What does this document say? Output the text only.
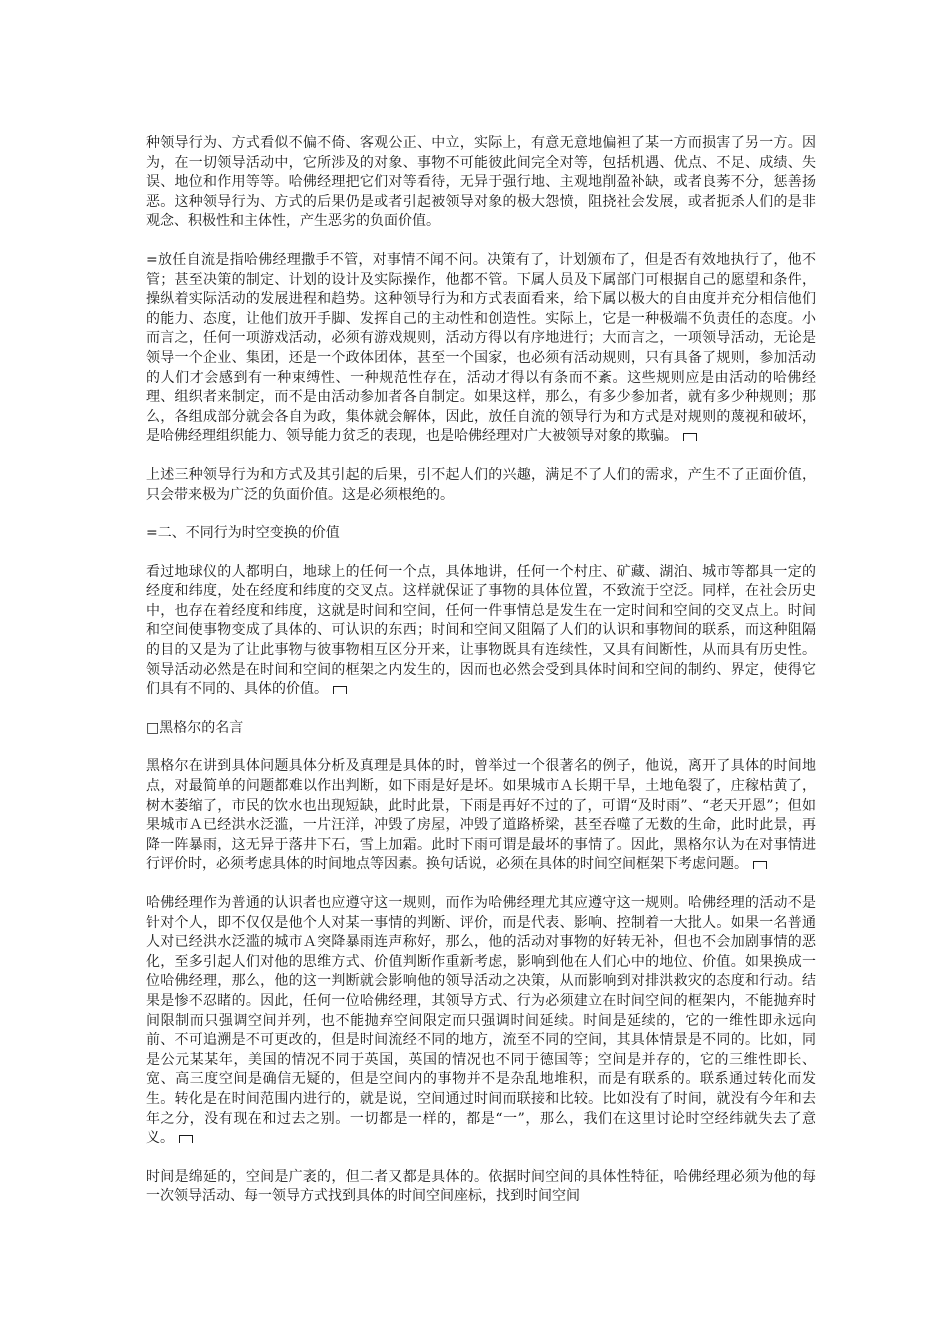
种领导行为、方式看似不偏不倚、客观公正、中立，实际上，有意无意地偏袒了某一方而损害了另一方。因为，在一切领导活动中，它所涉及的对象、事物不可能彼此间完全对等，包括机遇、优点、不足、成绩、失误、地位和作用等等。哈佛经理把它们对等看待，无异于强行地、主观地削盈补缺，或者良莠不分，惩善扬恶。这种领导行为、方式的后果仍是或者引起被领导对象的极大怨愤，阻挠社会发展，或者扼杀人们的是非观念、积极性和主体性，产生恶劣的负面价值。

=放任自流是指哈佛经理撒手不管，对事情不闻不问。决策有了，计划颁布了，但是否有效地执行了，他不管；甚至决策的制定、计划的设计及实际操作，他都不管。下属人员及下属部门可根据自己的愿望和条件，操纵着实际活动的发展进程和趋势。这种领导行为和方式表面看来，给下属以极大的自由度并充分相信他们的能力、态度，让他们放开手脚、发挥自己的主动性和创造性。实际上，它是一种极端不负责任的态度。小而言之，任何一项游戏活动，必须有游戏规则，活动方得以有序地进行；大而言之，一项领导活动，无论是领导一个企业、集团，还是一个政体团体，甚至一个国家，也必须有活动规则，只有具备了规则，参加活动的人们才会感到有一种束缚性、一种规范性存在，活动才得以有条而不紊。这些规则应是由活动的哈佛经理、组织者来制定，而不是由活动参加者各自制定。如果这样，那么，有多少参加者，就有多少种规则；那么，各组成部分就会各自为政，集体就会解体，因此，放任自流的领导行为和方式是对规则的蔑视和破坏，是哈佛经理组织能力、领导能力贫乏的表现，也是哈佛经理对广大被领导对象的欺骗。

上述三种领导行为和方式及其引起的后果，引不起人们的兴趣，满足不了人们的需求，产生不了正面价值，只会带来极为广泛的负面价值。这是必须根绝的。

=二、不同行为时空变换的价值

看过地球仪的人都明白，地球上的任何一个点，具体地讲，任何一个村庄、矿藏、湖泊、城市等都具一定的经度和纬度，处在经度和纬度的交叉点。这样就保证了事物的具体位置，不致流于空泛。同样，在社会历史中，也存在着经度和纬度，这就是时间和空间，任何一件事情总是发生在一定时间和空间的交叉点上。时间和空间使事物变成了具体的、可认识的东西；时间和空间又阻隔了人们的认识和事物间的联系，而这种阻隔的目的又是为了让此事物与彼事物相互区分开来，让事物既具有连续性，又具有间断性，从而具有历史性。领导活动必然是在时间和空间的框架之内发生的，因而也必然会受到具体时间和空间的制约、界定，使得它们具有不同的、具体的价值。

□黑格尔的名言

黑格尔在讲到具体问题具体分析及真理是具体的时，曾举过一个很著名的例子，他说，离开了具体的时间地点，对最简单的问题都难以作出判断，如下雨是好是坏。如果城市Ａ长期干旱，土地龟裂了，庄稼枯黄了，树木萎缩了，市民的饮水也出现短缺，此时此景，下雨是再好不过的了，可谓“及时雨”、“老天开恩”；但如果城市Ａ已经洪水泛滥，一片汪洋，冲毁了房屋，冲毁了道路桥梁，甚至吞噬了无数的生命，此时此景，再降一阵暴雨，这无异于落井下石，雪上加霜。此时下雨可谓是最坏的事情了。因此，黑格尔认为在对事情进行评价时，必须考虑具体的时间地点等因素。换句话说，必须在具体的时间空间框架下考虑问题。

哈佛经理作为普通的认识者也应遵守这一规则，而作为哈佛经理尤其应遵守这一规则。哈佛经理的活动不是针对个人，即不仅仅是他个人对某一事情的判断、评价，而是代表、影响、控制着一大批人。如果一名普通人对已经洪水泛滥的城市Ａ突降暴雨连声称好，那么，他的活动对事物的好转无补，但也不会加剧事情的恶化，至多引起人们对他的思维方式、价值判断作重新考虑，影响到他在人们心中的地位、价值。如果换成一位哈佛经理，那么，他的这一判断就会影响他的领导活动之决策，从而影响到对排洪救灾的态度和行动。结果是惨不忍睹的。因此，任何一位哈佛经理，其领导方式、行为必须建立在时间空间的框架内，不能抛弃时间限制而只强调空间并列，也不能抛弃空间限定而只强调时间延续。时间是延续的，它的一维性即永远向前、不可追溯是不可更改的，但是时间流经不同的地方，流至不同的空间，其具体情景是不同的。比如，同是公元某某年，美国的情况不同于英国，英国的情况也不同于德国等；空间是并存的，它的三维性即长、宽、高三度空间是确信无疑的，但是空间内的事物并不是杂乱地堆积，而是有联系的。联系通过转化而发生。转化是在时间范围内进行的，就是说，空间通过时间而联接和比较。比如没有了时间，就没有今年和去年之分，没有现在和过去之别。一切都是一样的，都是“一”，那么，我们在这里讨论时空经纬就失去了意义。

时间是绵延的，空间是广袤的，但二者又都是具体的。依据时间空间的具体性特征，哈佛经理必须为他的每一次领导活动、每一领导方式找到具体的时间空间座标，找到时间空间
